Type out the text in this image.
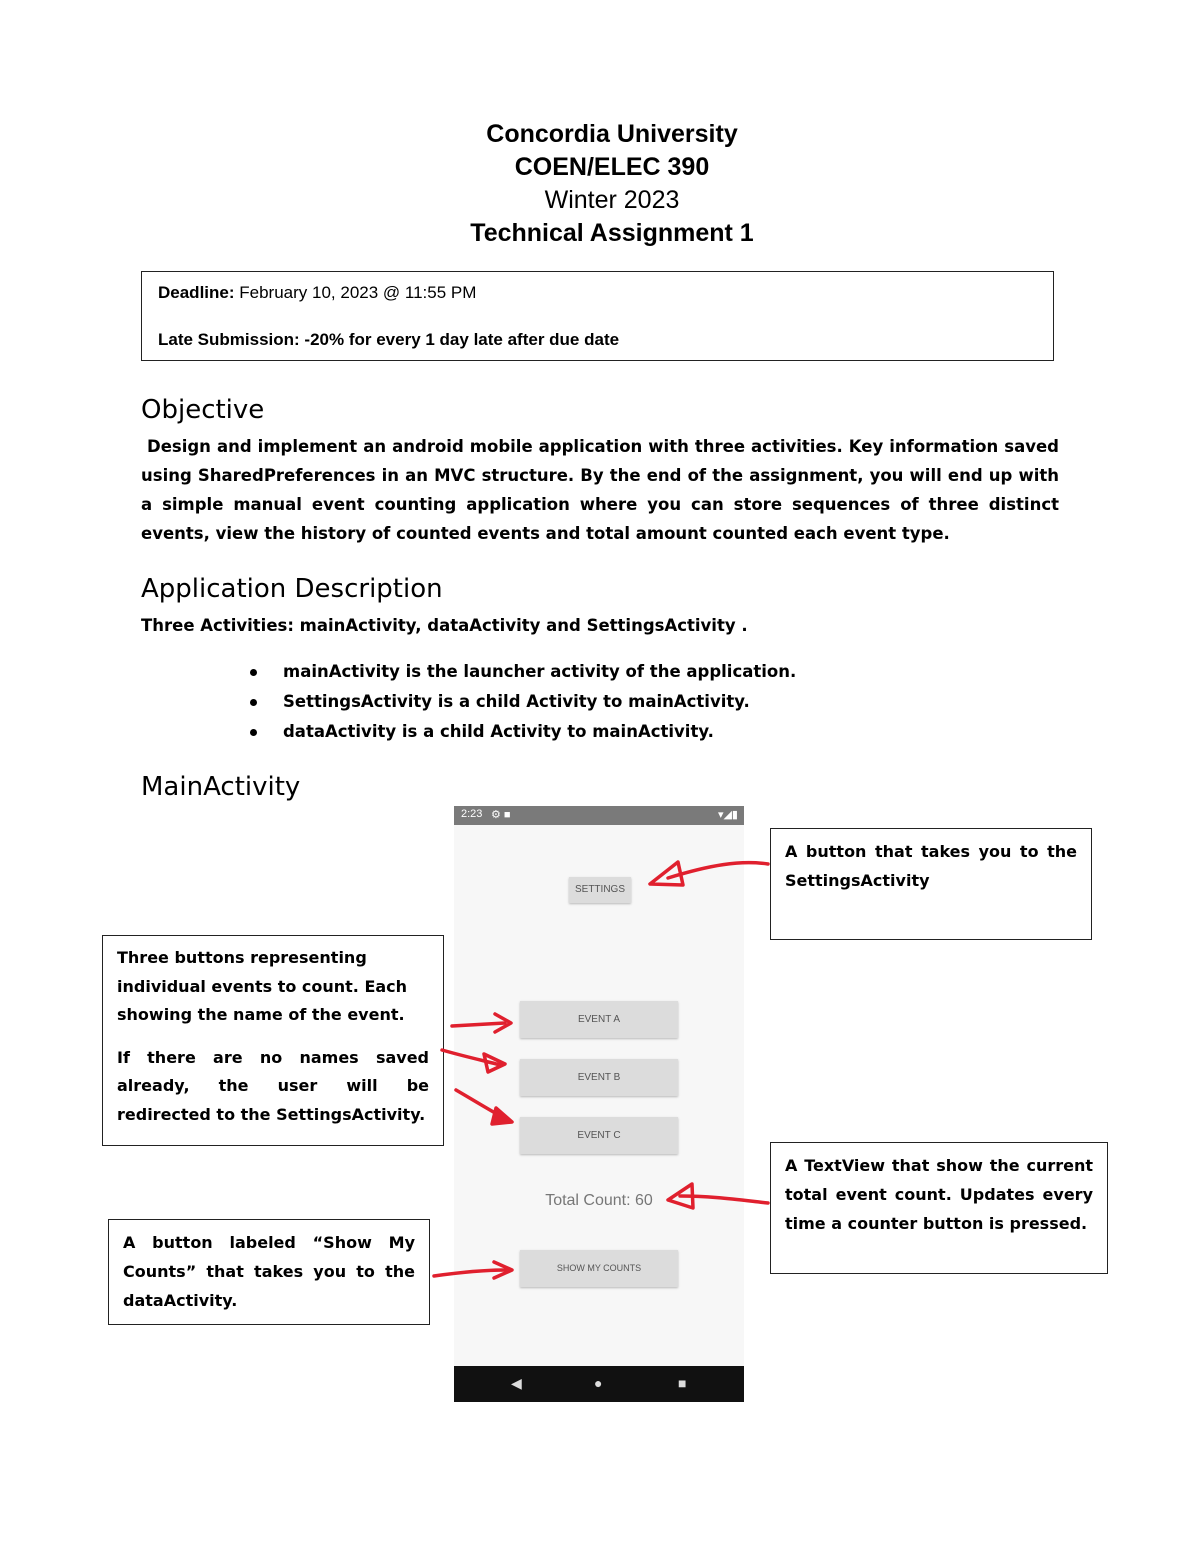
Concordia University

COEN/ELEC 390

Winter 2023

Technical Assignment 1

Deadline: February 10, 2023 @ 11:55 PM
Late Submission: -20% for every 1 day late after due date
Objective

Design and implement an android mobile application with three activities. Key information saved using SharedPreferences in an MVC structure. By the end of the assignment, you will end up with a simple manual event counting application where you can store sequences of three distinct events, view the history of counted events and total amount counted each event type.

Application Description

Three Activities: mainActivity, dataActivity and SettingsActivity .

mainActivity is the launcher activity of the application.
SettingsActivity is a child Activity to mainActivity.
dataActivity is a child Activity to mainActivity.
MainActivity
2:23 ⚙ ■	▾◢▮
SETTINGS
EVENT A
EVENT B
EVENT C
Total Count: 60
SHOW MY COUNTS
◀	●	■

A button that takes you to the SettingsActivity

Three buttons representing individual events to count. Each showing the name of the event.

If there are no names saved already, the user will be redirected to the SettingsActivity.

A TextView that show the current total event count. Updates every time a counter button is pressed.

A button labeled “Show My Counts” that takes you to the dataActivity.
